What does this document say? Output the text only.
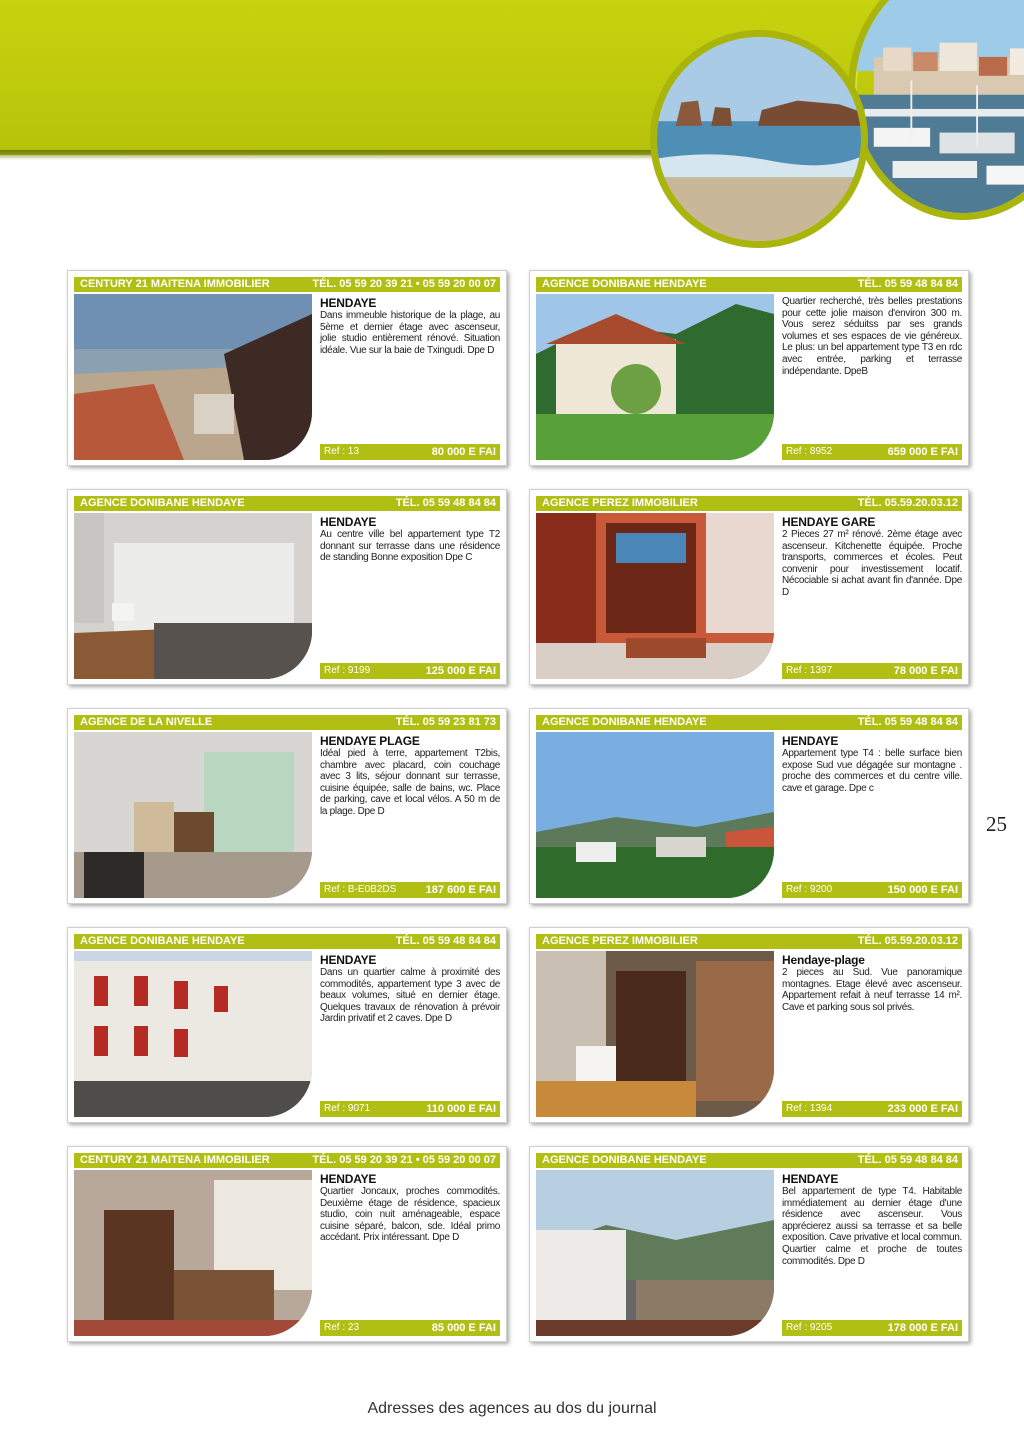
CENTURY 21 MAITENA IMMOBILIER	TÉL. 05 59 20 39 21 • 05 59 20 00 07
HENDAYE
Dans immeuble historique de la plage, au 5ème et dernier étage avec ascenseur, jolie studio entièrement rénové. Situation idéale. Vue sur la baie de Txingudi. Dpe D
Ref : 13	80 000 E FAI
AGENCE DONIBANE HENDAYE	TÉL. 05 59 48 84 84
Quartier recherché, très belles prestations pour cette jolie maison d'environ 300 m. Vous serez séduitss par ses grands volumes et ses espaces de vie généreux. Le plus: un bel appartement type T3 en rdc avec entrée, parking et terrasse indépendante. DpeB
Ref : 8952	659 000 E FAI
AGENCE DONIBANE HENDAYE	TÉL. 05 59 48 84 84
HENDAYE
Au centre ville bel appartement type T2 donnant sur terrasse dans une résidence de standing Bonne exposition Dpe C
Ref : 9199	125 000 E FAI
AGENCE PEREZ IMMOBILIER	TÉL. 05.59.20.03.12
HENDAYE GARE
2 Pieces 27 m² rénové. 2ème étage avec ascenseur. Kitchenette équipée. Proche transports, commerces et écoles. Peut convenir pour investissement locatif. Nécociable si achat avant fin d'année. Dpe D
Ref : 1397	78 000 E FAI
AGENCE DE LA NIVELLE	TÉL. 05 59 23 81 73
HENDAYE PLAGE
Idéal pied à terre, appartement T2bis, chambre avec placard, coin couchage avec 3 lits, séjour donnant sur terrasse, cuisine équipée, salle de bains, wc. Place de parking, cave et local vélos. A 50 m de la plage. Dpe D
Ref : B-E0B2DS	187 600 E FAI
AGENCE DONIBANE HENDAYE	TÉL. 05 59 48 84 84
HENDAYE
Appartement type T4 : belle surface bien expose Sud vue dégagée sur montagne . proche des commerces et du centre ville. cave et garage. Dpe c
Ref : 9200	150 000 E FAI
AGENCE DONIBANE HENDAYE	TÉL. 05 59 48 84 84
HENDAYE
Dans un quartier calme à proximité des commodités, appartement type 3 avec de beaux volumes, situé en dernier étage. Quelques travaux de rénovation à prévoir Jardin privatif et 2 caves. Dpe D
Ref : 9071	110 000 E FAI
AGENCE PEREZ IMMOBILIER	TÉL. 05.59.20.03.12
Hendaye-plage
2 pieces au Sud. Vue panoramique montagnes. Etage élevé avec ascenseur. Appartement refait à neuf terrasse 14 m². Cave et parking sous sol privés.
Ref : 1394	233 000 E FAI
CENTURY 21 MAITENA IMMOBILIER	TÉL. 05 59 20 39 21 • 05 59 20 00 07
HENDAYE
Quartier Joncaux, proches commodités. Deuxième étage de résidence, spacieux studio, coin nuit aménageable, espace cuisine séparé, balcon, sde. Idéal primo accédant. Prix intéressant. Dpe D
Ref : 23	85 000 E FAI
AGENCE DONIBANE HENDAYE	TÉL. 05 59 48 84 84
HENDAYE
Bel appartement de type T4. Habitable immédiatement au dernier étage d'une résidence avec ascenseur. Vous apprécierez aussi sa terrasse et sa belle exposition. Cave privative et local commun. Quartier calme et proche de toutes commodités. Dpe D
Ref : 9205	178 000 E FAI
25
Adresses des agences au dos du journal
